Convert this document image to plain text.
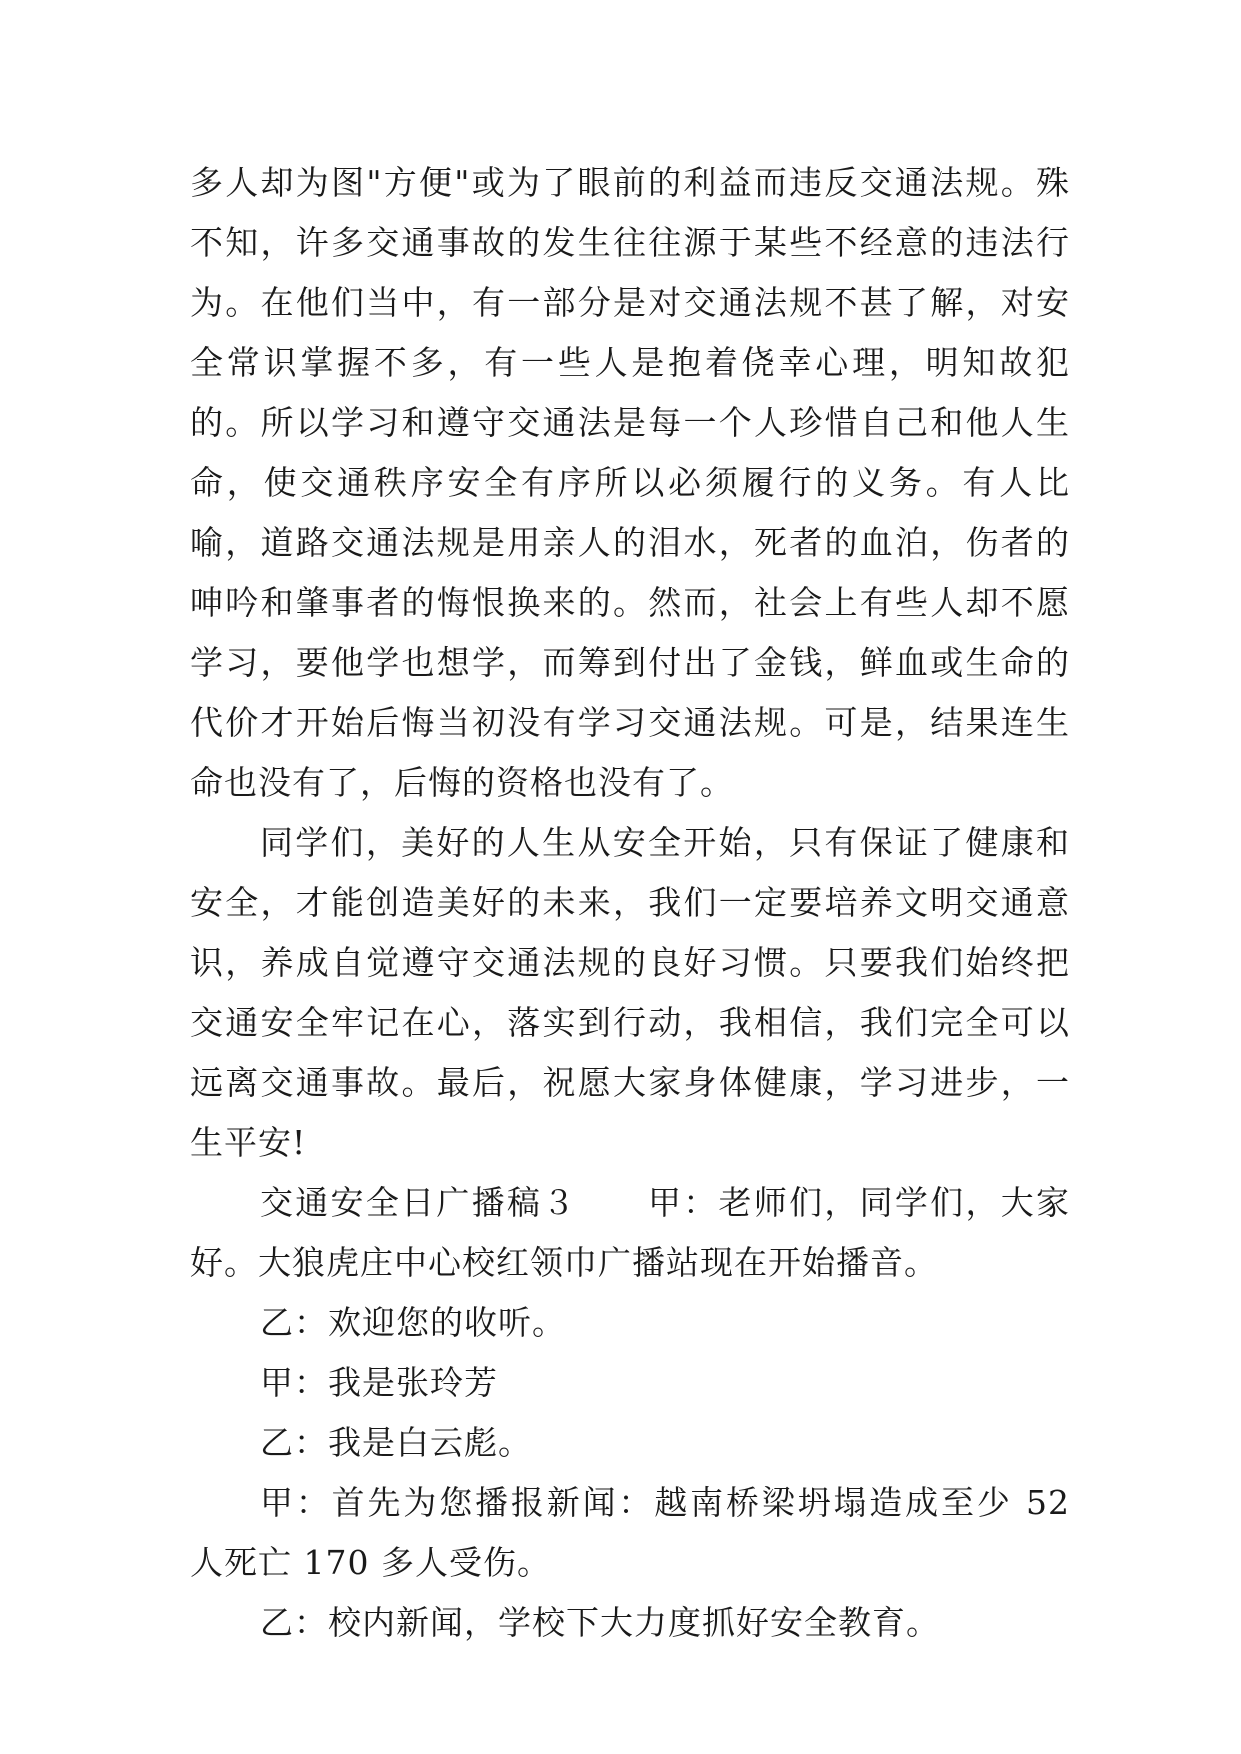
多人却为图"方便"或为了眼前的利益而违反交通法规。殊不知，许多交通事故的发生往往源于某些不经意的违法行为。在他们当中，有一部分是对交通法规不甚了解，对安全常识掌握不多，有一些人是抱着侥幸心理，明知故犯的。所以学习和遵守交通法是每一个人珍惜自己和他人生命，使交通秩序安全有序所以必须履行的义务。有人比喻，道路交通法规是用亲人的泪水，死者的血泊，伤者的呻吟和肇事者的悔恨换来的。然而，社会上有些人却不愿学习，要他学也想学，而筹到付出了金钱，鲜血或生命的代价才开始后悔当初没有学习交通法规。可是，结果连生命也没有了，后悔的资格也没有了。

同学们，美好的人生从安全开始，只有保证了健康和安全，才能创造美好的未来，我们一定要培养文明交通意识，养成自觉遵守交通法规的良好习惯。只要我们始终把交通安全牢记在心，落实到行动，我相信，我们完全可以远离交通事故。最后，祝愿大家身体健康，学习进步，一生平安!

交通安全日广播稿３　　甲：老师们，同学们，大家好。大狼虎庄中心校红领巾广播站现在开始播音。

乙：欢迎您的收听。

甲：我是张玲芳

乙：我是白云彪。

甲：首先为您播报新闻：越南桥梁坍塌造成至少 52 人死亡 170 多人受伤。

乙：校内新闻，学校下大力度抓好安全教育。
